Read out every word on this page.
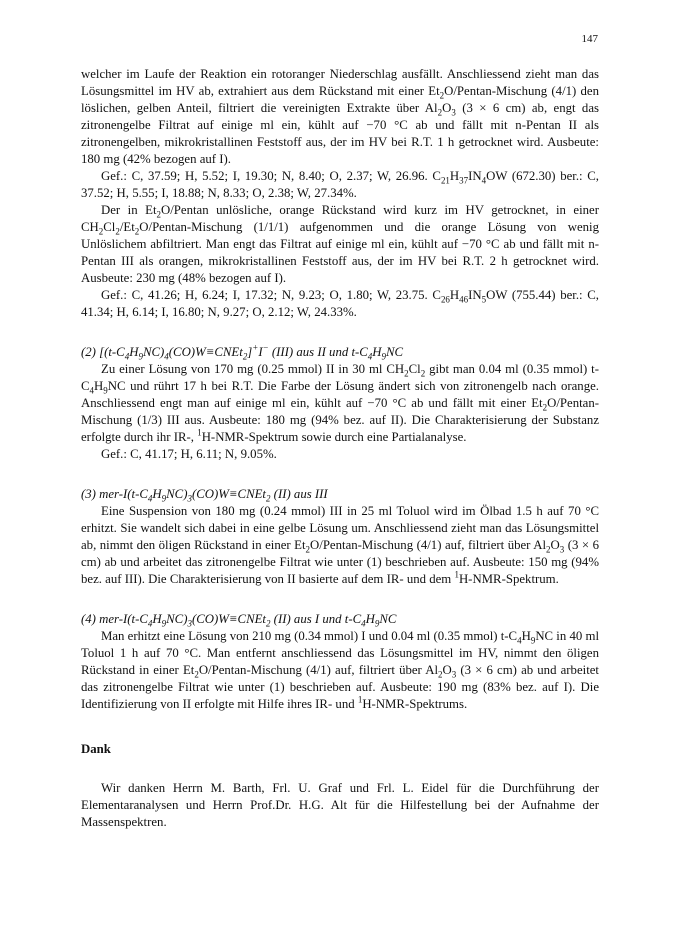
147

welcher im Laufe der Reaktion ein rotoranger Niederschlag ausfällt. Anschliessend zieht man das Lösungsmittel im HV ab, extrahiert aus dem Rückstand mit einer $Et_2O/Pentan$-Mischung (4/1) den löslichen, gelben Anteil, filtriert die vereinigten Extrakte über $Al_2O_3$ (3 × 6 cm) ab, engt das zitronengelbe Filtrat auf einige ml ein, kühlt auf −70 °C ab und fällt mit n-Pentan II als zitronengelben, mikrokristallinen Feststoff aus, der im HV bei R.T. 1 h getrocknet wird. Ausbeute: 180 mg (42% bezogen auf I).

Gef.: C, 37.59; H, 5.52; I, 19.30; N, 8.40; O, 2.37; W, 26.96. $C_{21}H_{37}IN_4OW$ (672.30) ber.: C, 37.52; H, 5.55; I, 18.88; N, 8.33; O, 2.38; W, 27.34%.

Der in $Et_2O$/Pentan unlösliche, orange Rückstand wird kurz im HV getrocknet, in einer $CH_2Cl_2/Et_2O/Pentan$-Mischung (1/1/1) aufgenommen und die orange Lösung von wenig Unlöslichem abfiltriert. Man engt das Filtrat auf einige ml ein, kühlt auf −70 °C ab und fällt mit n-Pentan III als orangen, mikrokristallinen Feststoff aus, der im HV bei R.T. 2 h getrocknet wird. Ausbeute: 230 mg (48% bezogen auf I).

Gef.: C, 41.26; H, 6.24; I, 17.32; N, 9.23; O, 1.80; W, 23.75. $C_{26}H_{46}IN_5OW$ (755.44) ber.: C, 41.34; H, 6.14; I, 16.80; N, 9.27; O, 2.12; W, 24.33%.

(2) $[(t-C_4H_9NC)_4(CO)W\equiv CNEt_2]^+I^-$ (III) aus II und $t-C_4H_9NC$

Zu einer Lösung von 170 mg (0.25 mmol) II in 30 ml $CH_2Cl_2$ gibt man 0.04 ml (0.35 mmol) $t-C_4H_9NC$ und rührt 17 h bei R.T. Die Farbe der Lösung ändert sich von zitronengelb nach orange. Anschliessend engt man auf einige ml ein, kühlt auf −70 °C ab und fällt mit einer $Et_2O/Pentan$-Mischung (1/3) III aus. Ausbeute: 180 mg (94% bez. auf II). Die Charakterisierung der Substanz erfolgte durch ihr IR-, $^1$H-NMR-Spektrum sowie durch eine Partialanalyse.

Gef.: C, 41.17; H, 6.11; N, 9.05%.

(3) mer-$I(t-C_4H_9NC)_3(CO)W\equiv CNEt_2$ (II) aus III

Eine Suspension von 180 mg (0.24 mmol) III in 25 ml Toluol wird im Ölbad 1.5 h auf 70 °C erhitzt. Sie wandelt sich dabei in eine gelbe Lösung um. Anschliessend zieht man das Lösungsmittel ab, nimmt den öligen Rückstand in einer $Et_2O/Pentan$-Mischung (4/1) auf, filtriert über $Al_2O_3$ (3 × 6 cm) ab und arbeitet das zitronengelbe Filtrat wie unter (1) beschrieben auf. Ausbeute: 150 mg (94% bez. auf III). Die Charakterisierung von II basierte auf dem IR- und dem $^1$H-NMR-Spektrum.

(4) mer-$I(t-C_4H_9NC)_3(CO)W\equiv CNEt_2$ (II) aus I und $t-C_4H_9NC$

Man erhitzt eine Lösung von 210 mg (0.34 mmol) I und 0.04 ml (0.35 mmol) $t-C_4H_9NC$ in 40 ml Toluol 1 h auf 70 °C. Man entfernt anschliessend das Lösungsmittel im HV, nimmt den öligen Rückstand in einer $Et_2O/Pentan$-Mischung (4/1) auf, filtriert über $Al_2O_3$ (3 × 6 cm) ab und arbeitet das zitronengelbe Filtrat wie unter (1) beschrieben auf. Ausbeute: 190 mg (83% bez. auf I). Die Identifizierung von II erfolgte mit Hilfe ihres IR- und $^1$H-NMR-Spektrums.

Dank

Wir danken Herrn M. Barth, Frl. U. Graf und Frl. L. Eidel für die Durchführung der Elementaranalysen und Herrn Prof.Dr. H.G. Alt für die Hilfestellung bei der Aufnahme der Massenspektren.
